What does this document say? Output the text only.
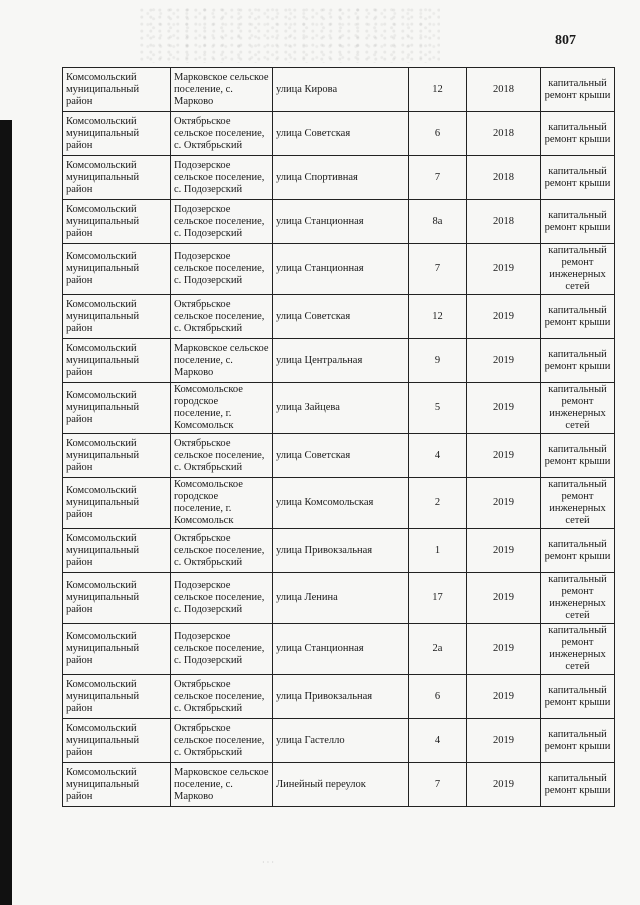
807
Комсомольский муниципальный район	Марковское сельское поселение, с. Марково	улица Кирова	12	2018	капитальный ремонт крыши
Комсомольский муниципальный район	Октябрьское сельское поселение, с. Октябрьский	улица Советская	6	2018	капитальный ремонт крыши
Комсомольский муниципальный район	Подозерское сельское поселение, с. Подозерский	улица Спортивная	7	2018	капитальный ремонт крыши
Комсомольский муниципальный район	Подозерское сельское поселение, с. Подозерский	улица Станционная	8а	2018	капитальный ремонт крыши
Комсомольский муниципальный район	Подозерское сельское поселение, с. Подозерский	улица Станционная	7	2019	капитальный ремонт инженерных сетей
Комсомольский муниципальный район	Октябрьское сельское поселение, с. Октябрьский	улица Советская	12	2019	капитальный ремонт крыши
Комсомольский муниципальный район	Марковское сельское поселение, с. Марково	улица Центральная	9	2019	капитальный ремонт крыши
Комсомольский муниципальный район	Комсомольское городское поселение, г. Комсомольск	улица Зайцева	5	2019	капитальный ремонт инженерных сетей
Комсомольский муниципальный район	Октябрьское сельское поселение, с. Октябрьский	улица Советская	4	2019	капитальный ремонт крыши
Комсомольский муниципальный район	Комсомольское городское поселение, г. Комсомольск	улица Комсомольская	2	2019	капитальный ремонт инженерных сетей
Комсомольский муниципальный район	Октябрьское сельское поселение, с. Октябрьский	улица Привокзальная	1	2019	капитальный ремонт крыши
Комсомольский муниципальный район	Подозерское сельское поселение, с. Подозерский	улица Ленина	17	2019	капитальный ремонт инженерных сетей
Комсомольский муниципальный район	Подозерское сельское поселение, с. Подозерский	улица Станционная	2а	2019	капитальный ремонт инженерных сетей
Комсомольский муниципальный район	Октябрьское сельское поселение, с. Октябрьский	улица Привокзальная	6	2019	капитальный ремонт крыши
Комсомольский муниципальный район	Октябрьское сельское поселение, с. Октябрьский	улица Гастелло	4	2019	капитальный ремонт крыши
Комсомольский муниципальный район	Марковское сельское поселение, с. Марково	Линейный переулок	7	2019	капитальный ремонт крыши
· · ·
